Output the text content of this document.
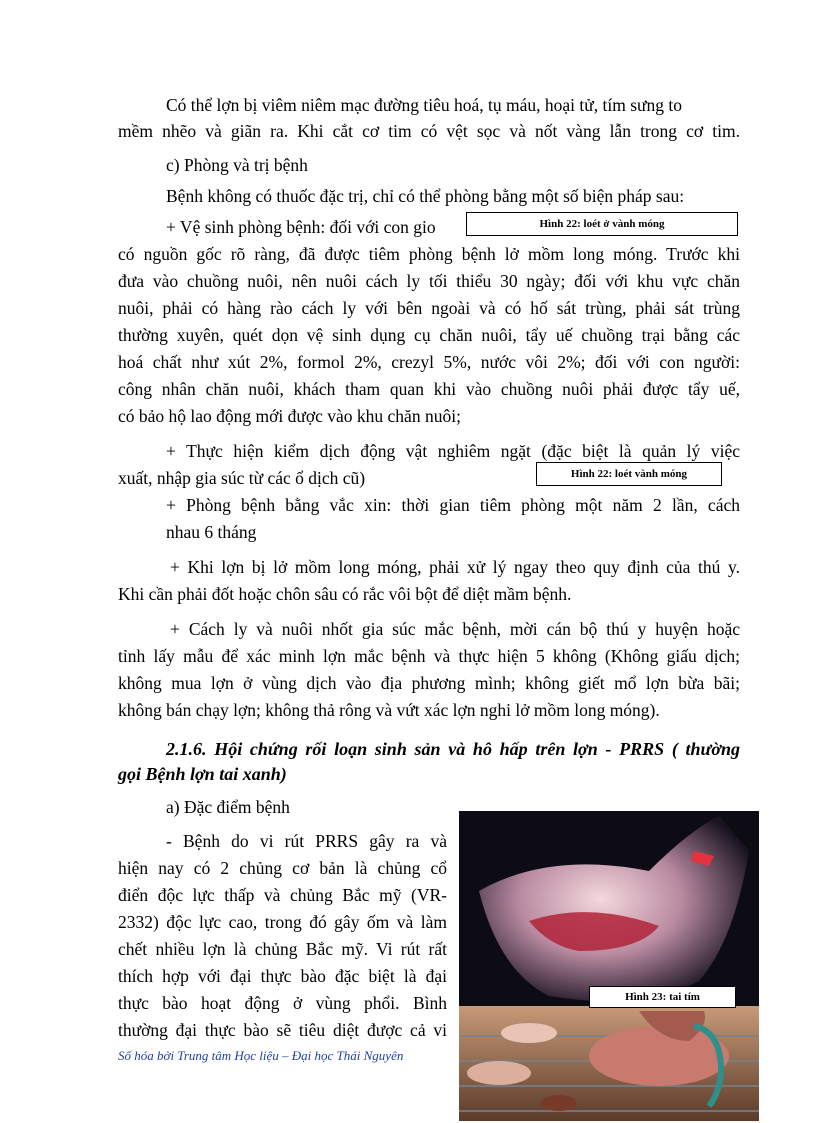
Có thể lợn bị viêm niêm mạc đường tiêu hoá, tụ máu, hoại tử, tím sưng to
mềm nhẽo và giãn ra. Khi cắt cơ tim có vệt sọc và nốt vàng lẫn trong cơ tim.
c) Phòng và trị bệnh
Bệnh không có thuốc đặc trị, chỉ có thể phòng bằng một số biện pháp sau:
+ Vệ sinh phòng bệnh: đối với con gio
có nguồn gốc rõ ràng, đã được tiêm phòng bệnh lở mồm long móng. Trước khi
đưa vào chuồng nuôi, nên nuôi cách ly tối thiểu 30 ngày; đối với khu vực chăn
nuôi, phải có hàng rào cách ly với bên ngoài và có hố sát trùng, phải sát trùng
thường xuyên, quét dọn vệ sinh dụng cụ chăn nuôi, tẩy uế chuồng trại bằng các
hoá chất như xút 2%, formol 2%, crezyl 5%, nước vôi 2%; đối với con người:
công nhân chăn nuôi, khách tham quan khi vào chuồng nuôi phải được tẩy uế,
có bảo hộ lao động mới được vào khu chăn nuôi;
+ Thực hiện kiểm dịch động vật nghiêm ngặt (đặc biệt là quản lý việc
xuất, nhập gia súc từ các ổ dịch cũ)
+ Phòng bệnh bằng vắc xin: thời gian tiêm phòng một năm 2 lần, cách
nhau 6 tháng
+ Khi lợn bị lở mồm long móng, phải xử lý ngay theo quy định của thú y.
Khi cần phải đốt hoặc chôn sâu có rắc vôi bột để diệt mầm bệnh.
+ Cách ly và nuôi nhốt gia súc mắc bệnh, mời cán bộ thú y huyện hoặc
tỉnh lấy mẫu để xác minh lợn mắc bệnh và thực hiện 5 không (Không giấu dịch;
không mua lợn ở vùng dịch vào địa phương mình; không giết mổ lợn bừa bãi;
không bán chạy lợn; không thả rông và vứt xác lợn nghi lở mồm long móng).
2.1.6. Hội chứng rối loạn sinh sản và hô hấp trên lợn - PRRS ( thường
gọi Bệnh lợn tai xanh)
a) Đặc điểm bệnh
- Bệnh do vi rút PRRS gây ra và
hiện nay có 2 chủng cơ bản là chủng cổ
điển độc lực thấp và chủng Bắc mỹ (VR-
2332) độc lực cao, trong đó gây ốm và làm
chết nhiều lợn là chủng Bắc mỹ. Vi rút rất
thích hợp với đại thực bào đặc biệt là đại
thực bào hoạt động ở vùng phổi. Bình
thường đại thực bào sẽ tiêu diệt được cả vi
Hình 22: loét ở vành móng
Hình 22: loét vành móng
Hình 23: tai tím
Số hóa bởi Trung tâm Học liệu – Đại học Thái Nguyên
